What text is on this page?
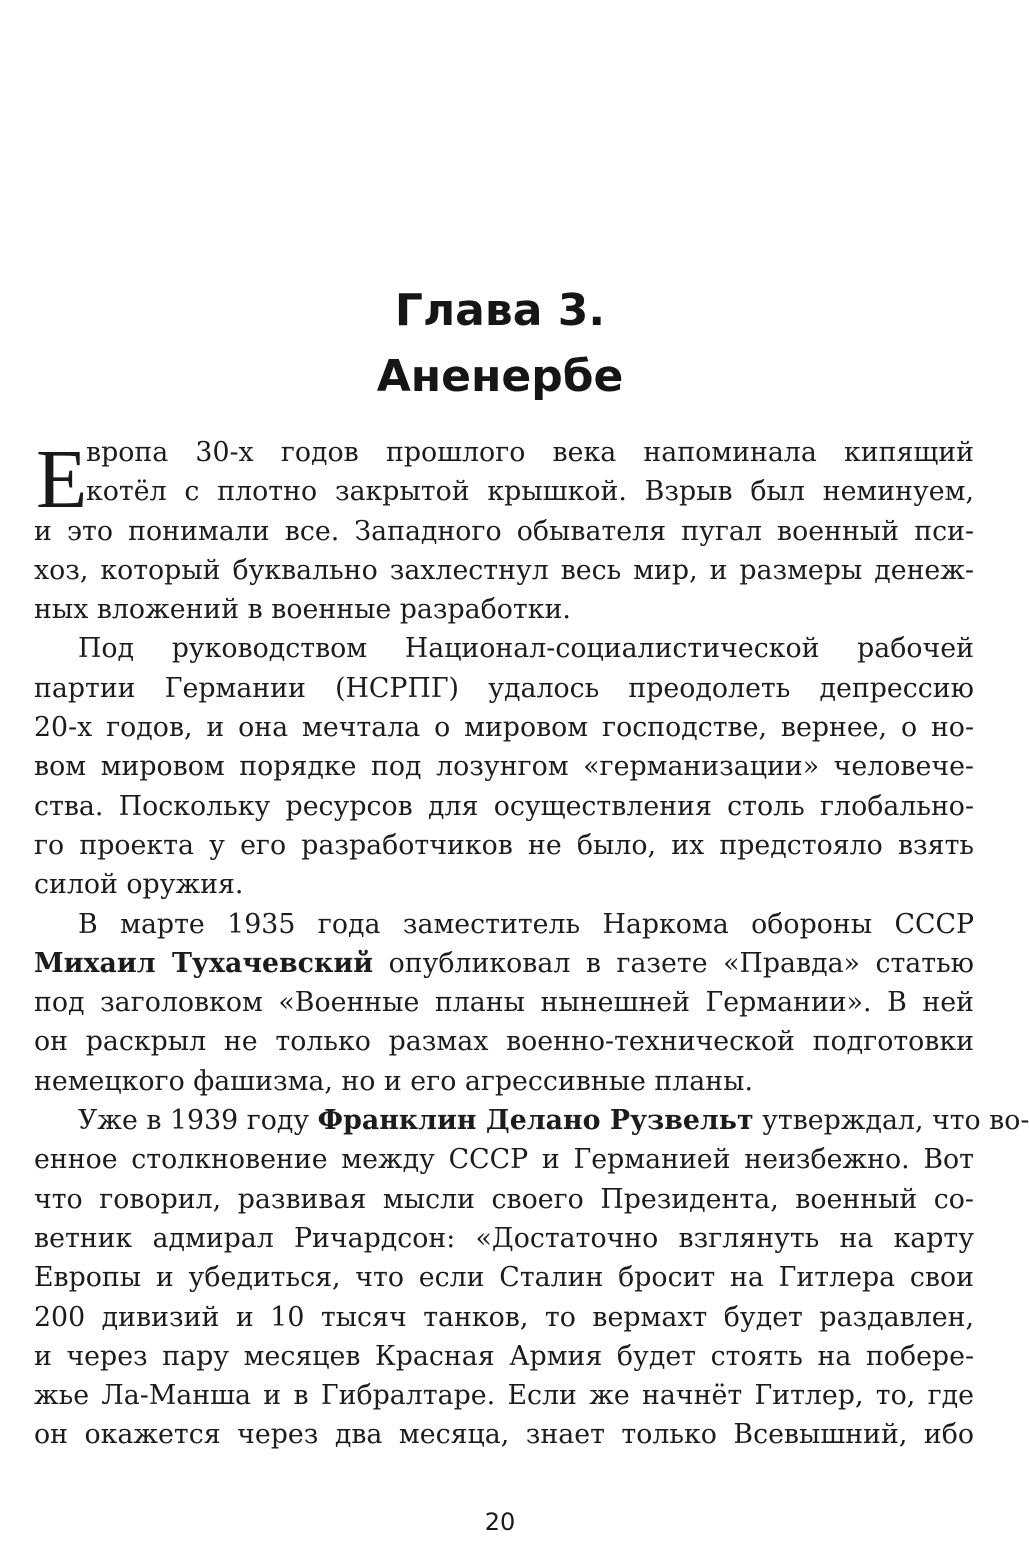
Глава 3.
Аненербе
Е
вропа 30-х годов прошлого века напоминала кипящий
котёл с плотно закрытой крышкой. Взрыв был неминуем,
и это понимали все. Западного обывателя пугал военный пси-
хоз, который буквально захлестнул весь мир, и размеры денеж-
ных вложений в военные разработки.
Под руководством Национал-социалистической рабочей
партии Германии (НСРПГ) удалось преодолеть депрессию
20-х годов, и она мечтала о мировом господстве, вернее, о но-
вом мировом порядке под лозунгом «германизации» человече-
ства. Поскольку ресурсов для осуществления столь глобально-
го проекта у его разработчиков не было, их предстояло взять
силой оружия.
В марте 1935 года заместитель Наркома обороны СССР
Михаил Тухачевский опубликовал в газете «Правда» статью
под заголовком «Военные планы нынешней Германии». В ней
он раскрыл не только размах военно-технической подготовки
немецкого фашизма, но и его агрессивные планы.
Уже в 1939 году Франклин Делано Рузвельт утверждал, что во-
енное столкновение между СССР и Германией неизбежно. Вот
что говорил, развивая мысли своего Президента, военный со-
ветник адмирал Ричардсон: «Достаточно взглянуть на карту
Европы и убедиться, что если Сталин бросит на Гитлера свои
200 дивизий и 10 тысяч танков, то вермахт будет раздавлен,
и через пару месяцев Красная Армия будет стоять на побере-
жье Ла-Манша и в Гибралтаре. Если же начнёт Гитлер, то, где
он окажется через два месяца, знает только Всевышний, ибо
20
